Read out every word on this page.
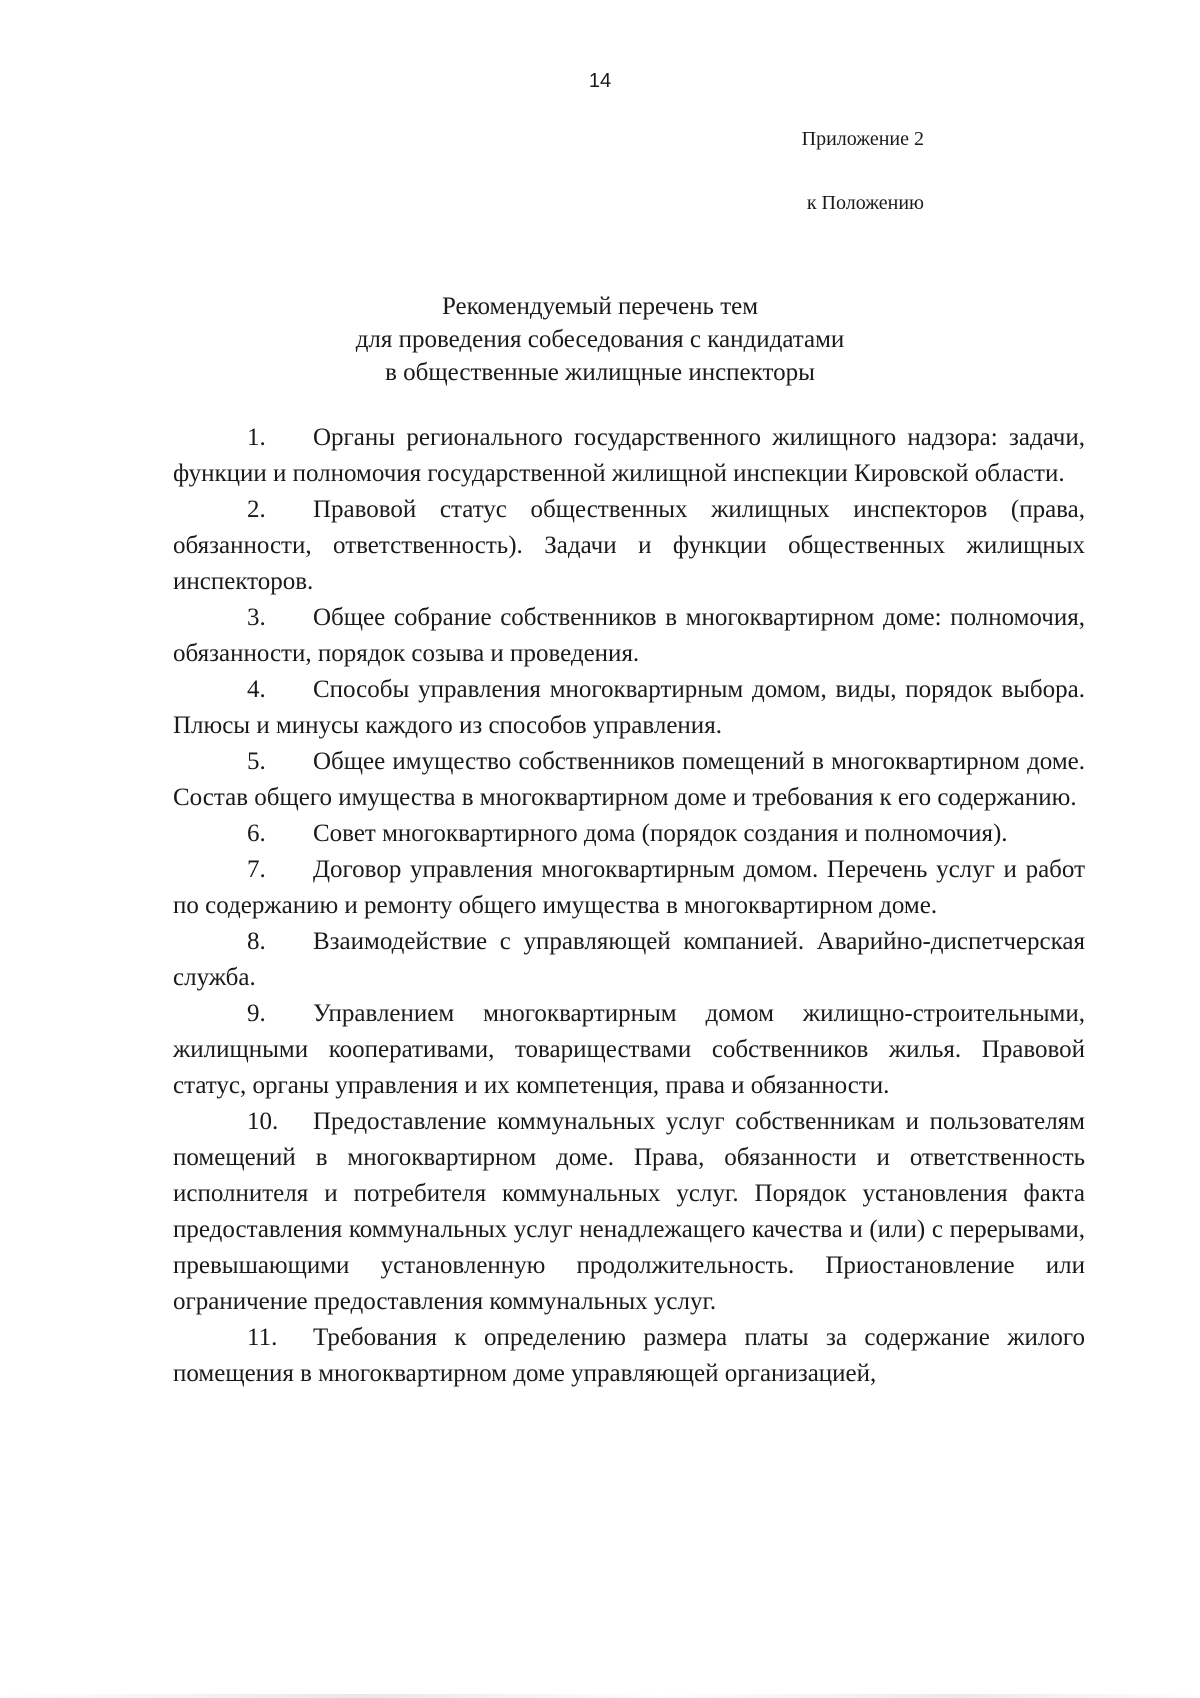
14
Приложение 2
к Положению
Рекомендуемый перечень тем
для проведения собеседования с кандидатами
в общественные жилищные инспекторы

1. Органы регионального государственного жилищного надзора: задачи, функции и полномочия государственной жилищной инспекции Кировской области.

2. Правовой статус общественных жилищных инспекторов (права, обязанности, ответственность). Задачи и функции общественных жилищных инспекторов.

3. Общее собрание собственников в многоквартирном доме: полномочия, обязанности, порядок созыва и проведения.

4. Способы управления многоквартирным домом, виды, порядок выбора. Плюсы и минусы каждого из способов управления.

5. Общее имущество собственников помещений в многоквартирном доме. Состав общего имущества в многоквартирном доме и требования к его содержанию.

6. Совет многоквартирного дома (порядок создания и полномочия).

7. Договор управления многоквартирным домом. Перечень услуг и работ по содержанию и ремонту общего имущества в многоквартирном доме.

8. Взаимодействие с управляющей компанией. Аварийно-диспетчерская служба.

9. Управлением многоквартирным домом жилищно-строительными, жилищными кооперативами, товариществами собственников жилья. Правовой статус, органы управления и их компетенция, права и обязанности.

10. Предоставление коммунальных услуг собственникам и пользователям помещений в многоквартирном доме. Права, обязанности и ответственность исполнителя и потребителя коммунальных услуг. Порядок установления факта предоставления коммунальных услуг ненадлежащего качества и (или) с перерывами, превышающими установленную продолжительность. Приостановление или ограничение предоставления коммунальных услуг.

11. Требования к определению размера платы за содержание жилого помещения в многоквартирном доме управляющей организацией,
